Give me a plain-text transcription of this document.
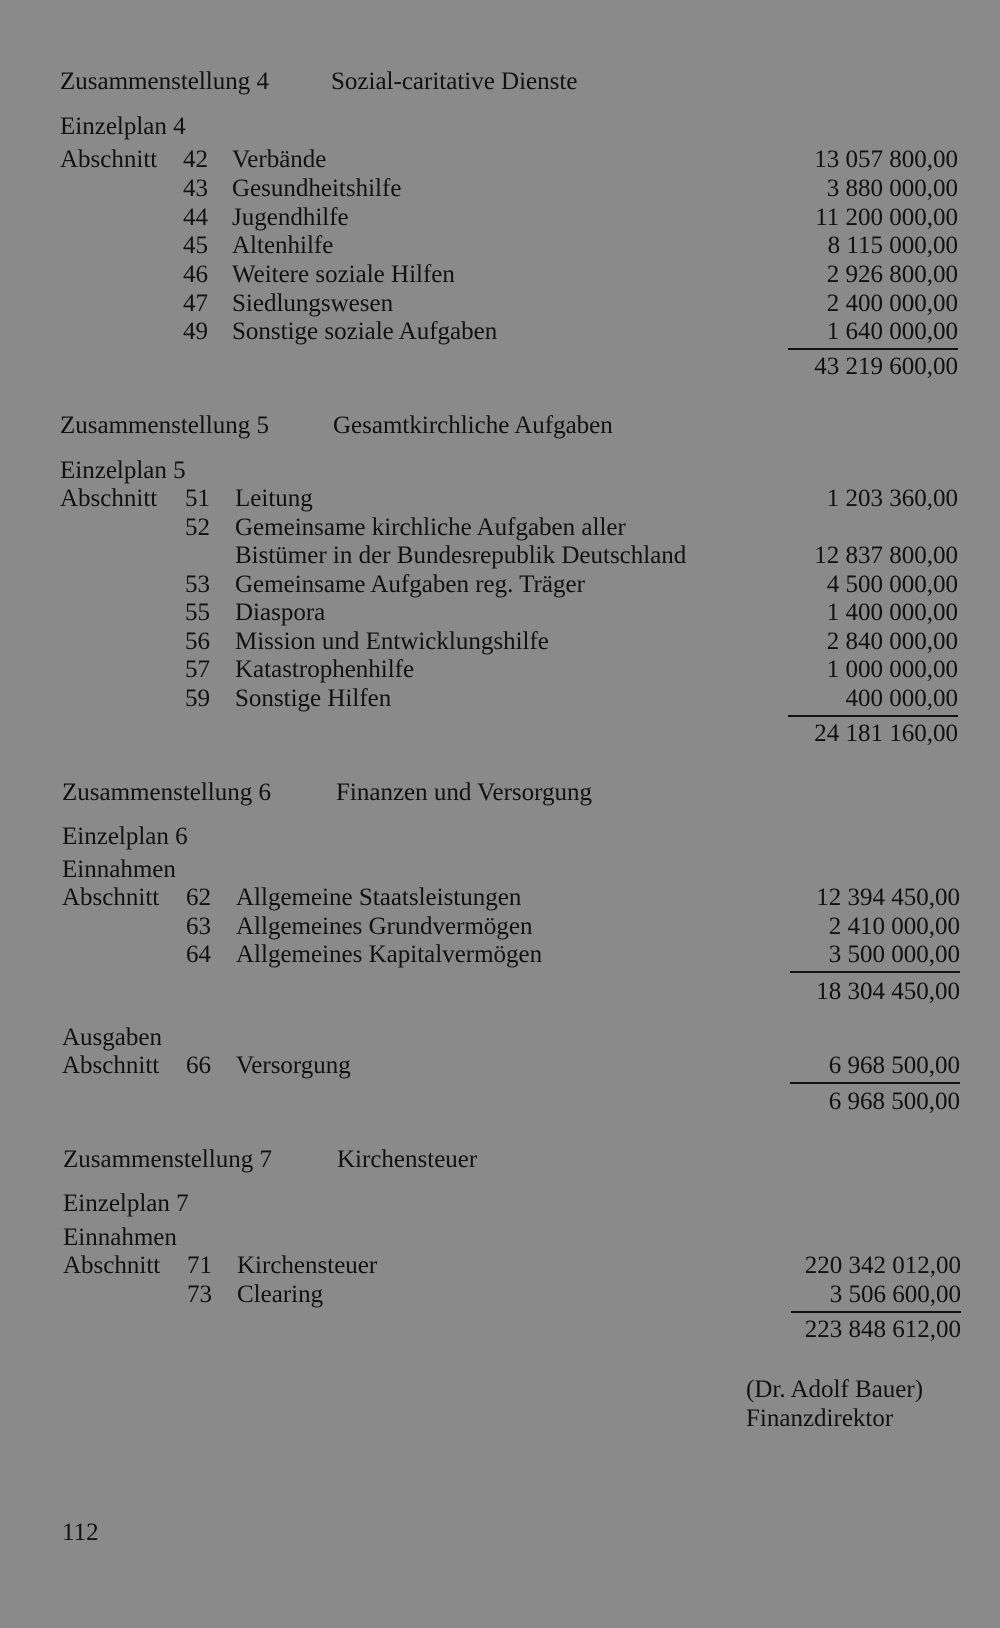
Zusammenstellung 4 Sozial-caritative Dienste
Einzelplan 4
Abschnitt	42 Verbände	13 057 800,00
43 Gesundheitshilfe	3 880 000,00
44 Jugendhilfe	11 200 000,00
45 Altenhilfe	8 115 000,00
46 Weitere soziale Hilfen	2 926 800,00
47 Siedlungswesen	2 400 000,00
49 Sonstige soziale Aufgaben	1 640 000,00
43 219 600,00
Zusammenstellung 5	Gesamtkirchliche Aufgaben
Einzelplan 5
Abschnitt	51 Leitung	1 203 360,00
52 Gemeinsame kirchliche Aufgaben aller
Bistümer in der Bundesrepublik Deutschland	12 837 800,00
53 Gemeinsame Aufgaben reg. Träger	4 500 000,00
55 Diaspora	1 400 000,00
56 Mission und Entwicklungshilfe	2 840 000,00
57 Katastrophenhilfe	1 000 000,00
59 Sonstige Hilfen	400 000,00
24 181 160,00
Zusammenstellung 6	Finanzen und Versorgung
Einzelplan 6
Einnahmen
Abschnitt	62 Allgemeine Staatsleistungen	12 394 450,00
63 Allgemeines Grundvermögen	2 410 000,00
64 Allgemeines Kapitalvermögen	3 500 000,00
18 304 450,00
Ausgaben
Abschnitt	66 Versorgung	6 968 500,00
6 968 500,00
Zusammenstellung 7	Kirchensteuer
Einzelplan 7
Einnahmen
Abschnitt	71 Kirchensteuer	220 342 012,00
73 Clearing	3 506 600,00
223 848 612,00
(Dr. Adolf Bauer)
Finanzdirektor
112
